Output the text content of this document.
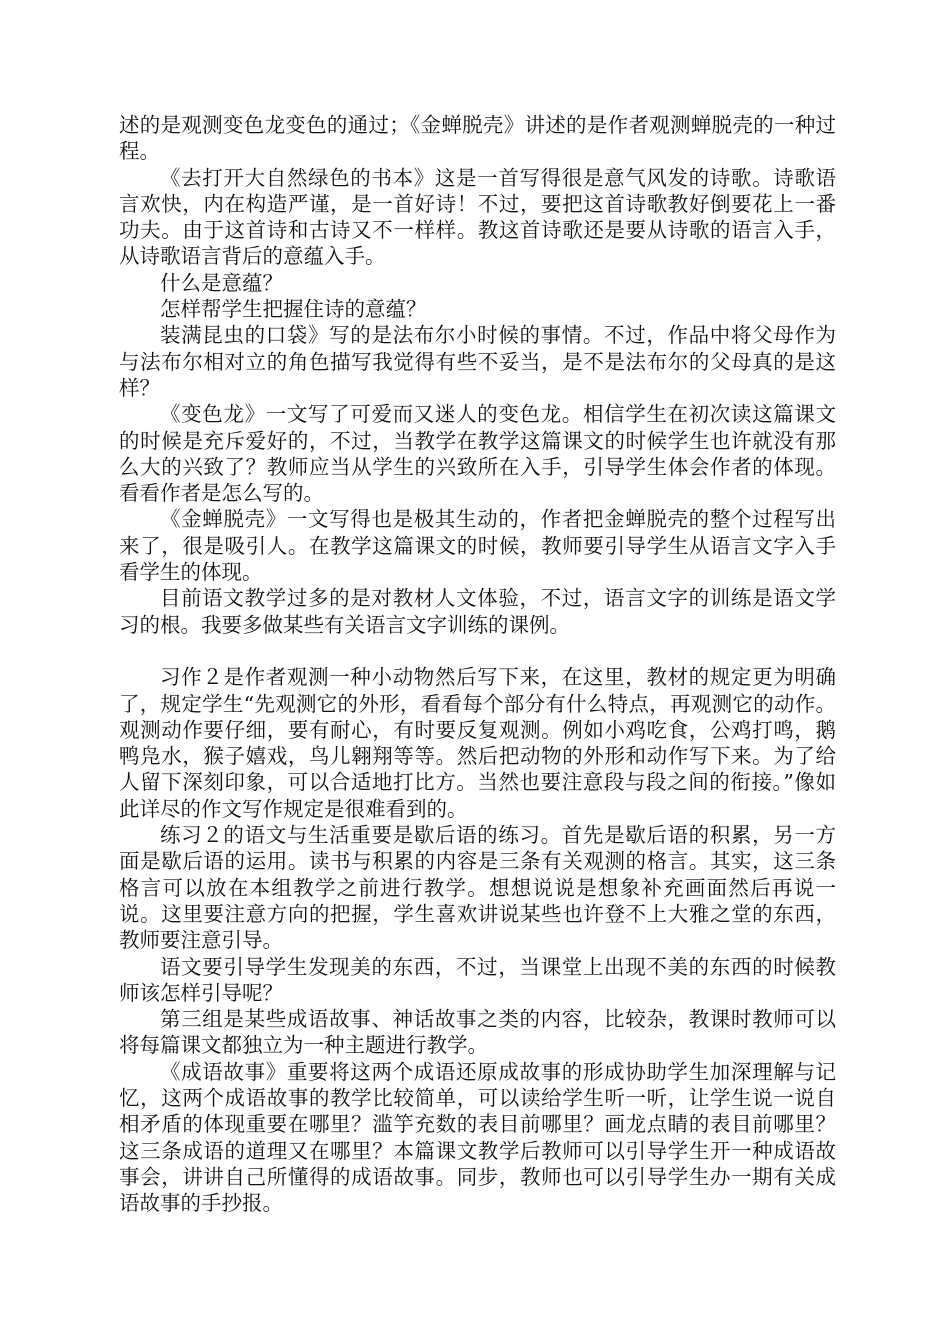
述的是观测变色龙变色的通过；《金蝉脱壳》讲述的是作者观测蝉脱壳的一种过程。

《去打开大自然绿色的书本》这是一首写得很是意气风发的诗歌。诗歌语言欢快，内在构造严谨，是一首好诗！不过，要把这首诗歌教好倒要花上一番功夫。由于这首诗和古诗又不一样样。教这首诗歌还是要从诗歌的语言入手，从诗歌语言背后的意蕴入手。

什么是意蕴？

怎样帮学生把握住诗的意蕴？

装满昆虫的口袋》写的是法布尔小时候的事情。不过，作品中将父母作为与法布尔相对立的角色描写我觉得有些不妥当，是不是法布尔的父母真的是这样？

《变色龙》一文写了可爱而又迷人的变色龙。相信学生在初次读这篇课文的时候是充斥爱好的，不过，当教学在教学这篇课文的时候学生也许就没有那么大的兴致了？教师应当从学生的兴致所在入手，引导学生体会作者的体现。看看作者是怎么写的。

《金蝉脱壳》一文写得也是极其生动的，作者把金蝉脱壳的整个过程写出来了，很是吸引人。在教学这篇课文的时候，教师要引导学生从语言文字入手看学生的体现。

目前语文教学过多的是对教材人文体验，不过，语言文字的训练是语文学习的根。我要多做某些有关语言文字训练的课例。

习作２是作者观测一种小动物然后写下来，在这里，教材的规定更为明确了，规定学生“先观测它的外形，看看每个部分有什么特点，再观测它的动作。观测动作要仔细，要有耐心，有时要反复观测。例如小鸡吃食，公鸡打鸣，鹅鸭凫水，猴子嬉戏，鸟儿翱翔等等。然后把动物的外形和动作写下来。为了给人留下深刻印象，可以合适地打比方。当然也要注意段与段之间的衔接。”像如此详尽的作文写作规定是很难看到的。

练习２的语文与生活重要是歇后语的练习。首先是歇后语的积累，另一方面是歇后语的运用。读书与积累的内容是三条有关观测的格言。其实，这三条格言可以放在本组教学之前进行教学。想想说说是想象补充画面然后再说一说。这里要注意方向的把握，学生喜欢讲说某些也许登不上大雅之堂的东西，教师要注意引导。

语文要引导学生发现美的东西，不过，当课堂上出现不美的东西的时候教师该怎样引导呢？

第三组是某些成语故事、神话故事之类的内容，比较杂，教课时教师可以将每篇课文都独立为一种主题进行教学。

《成语故事》重要将这两个成语还原成故事的形成协助学生加深理解与记忆，这两个成语故事的教学比较简单，可以读给学生听一听，让学生说一说自相矛盾的体现重要在哪里？滥竽充数的表目前哪里？画龙点睛的表目前哪里？这三条成语的道理又在哪里？本篇课文教学后教师可以引导学生开一种成语故事会，讲讲自己所懂得的成语故事。同步，教师也可以引导学生办一期有关成语故事的手抄报。
